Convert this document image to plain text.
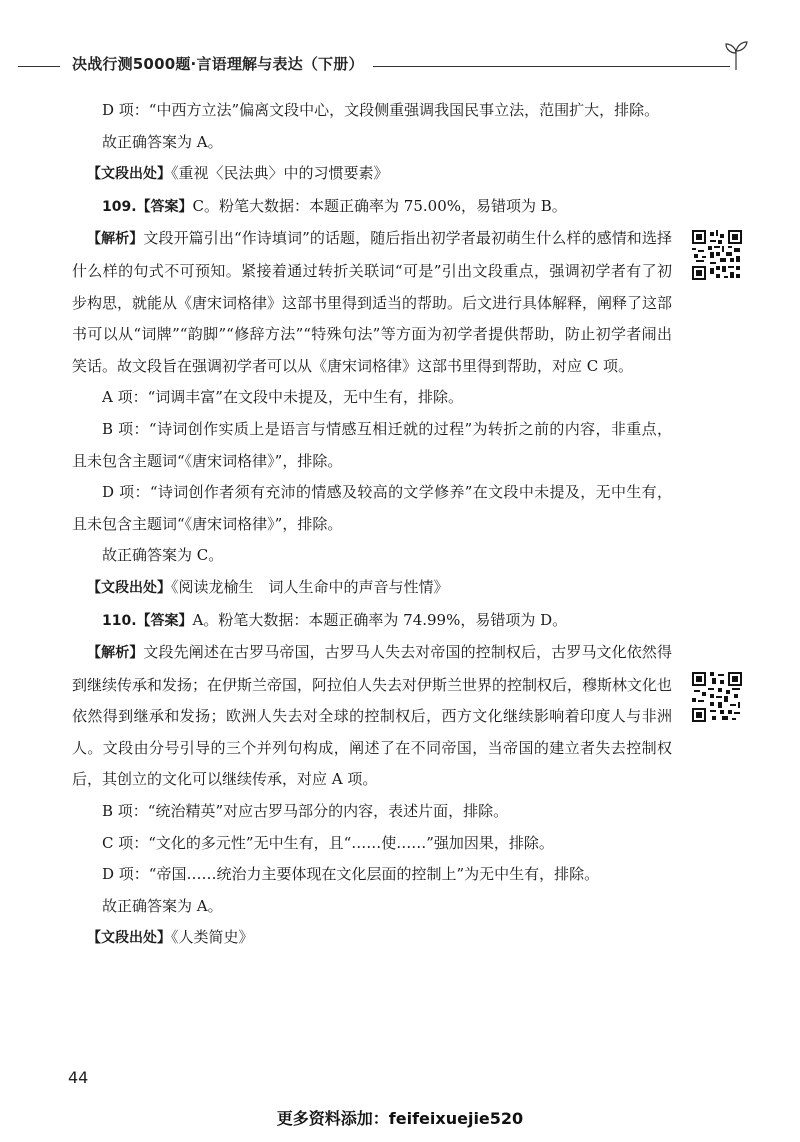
决战行测5000题·言语理解与表达（下册）

D 项：“中西方立法”偏离文段中心，文段侧重强调我国民事立法，范围扩大，排除。

故正确答案为 A。

【文段出处】《重视〈民法典〉中的习惯要素》

109.【答案】C。粉笔大数据：本题正确率为 75.00%，易错项为 B。

【解析】文段开篇引出“作诗填词”的话题，随后指出初学者最初萌生什么样的感情和选择什么样的句式不可预知。紧接着通过转折关联词“可是”引出文段重点，强调初学者有了初步构思，就能从《唐宋词格律》这部书里得到适当的帮助。后文进行具体解释，阐释了这部书可以从“词牌”“韵脚”“修辞方法”“特殊句法”等方面为初学者提供帮助，防止初学者闹出笑话。故文段旨在强调初学者可以从《唐宋词格律》这部书里得到帮助，对应 C 项。

A 项：“词调丰富”在文段中未提及，无中生有，排除。

B 项：“诗词创作实质上是语言与情感互相迁就的过程”为转折之前的内容，非重点，且未包含主题词“《唐宋词格律》”，排除。

D 项：“诗词创作者须有充沛的情感及较高的文学修养”在文段中未提及，无中生有，且未包含主题词“《唐宋词格律》”，排除。

故正确答案为 C。

【文段出处】《阅读龙榆生　词人生命中的声音与性情》

110.【答案】A。粉笔大数据：本题正确率为 74.99%，易错项为 D。

【解析】文段先阐述在古罗马帝国，古罗马人失去对帝国的控制权后，古罗马文化依然得到继续传承和发扬；在伊斯兰帝国，阿拉伯人失去对伊斯兰世界的控制权后，穆斯林文化也依然得到继承和发扬；欧洲人失去对全球的控制权后，西方文化继续影响着印度人与非洲人。文段由分号引导的三个并列句构成，阐述了在不同帝国，当帝国的建立者失去控制权后，其创立的文化可以继续传承，对应 A 项。

B 项：“统治精英”对应古罗马部分的内容，表述片面，排除。

C 项：“文化的多元性”无中生有，且“……使……”强加因果，排除。

D 项：“帝国……统治力主要体现在文化层面的控制上”为无中生有，排除。

故正确答案为 A。

【文段出处】《人类简史》

44
更多资料添加：feifeixuejie520
